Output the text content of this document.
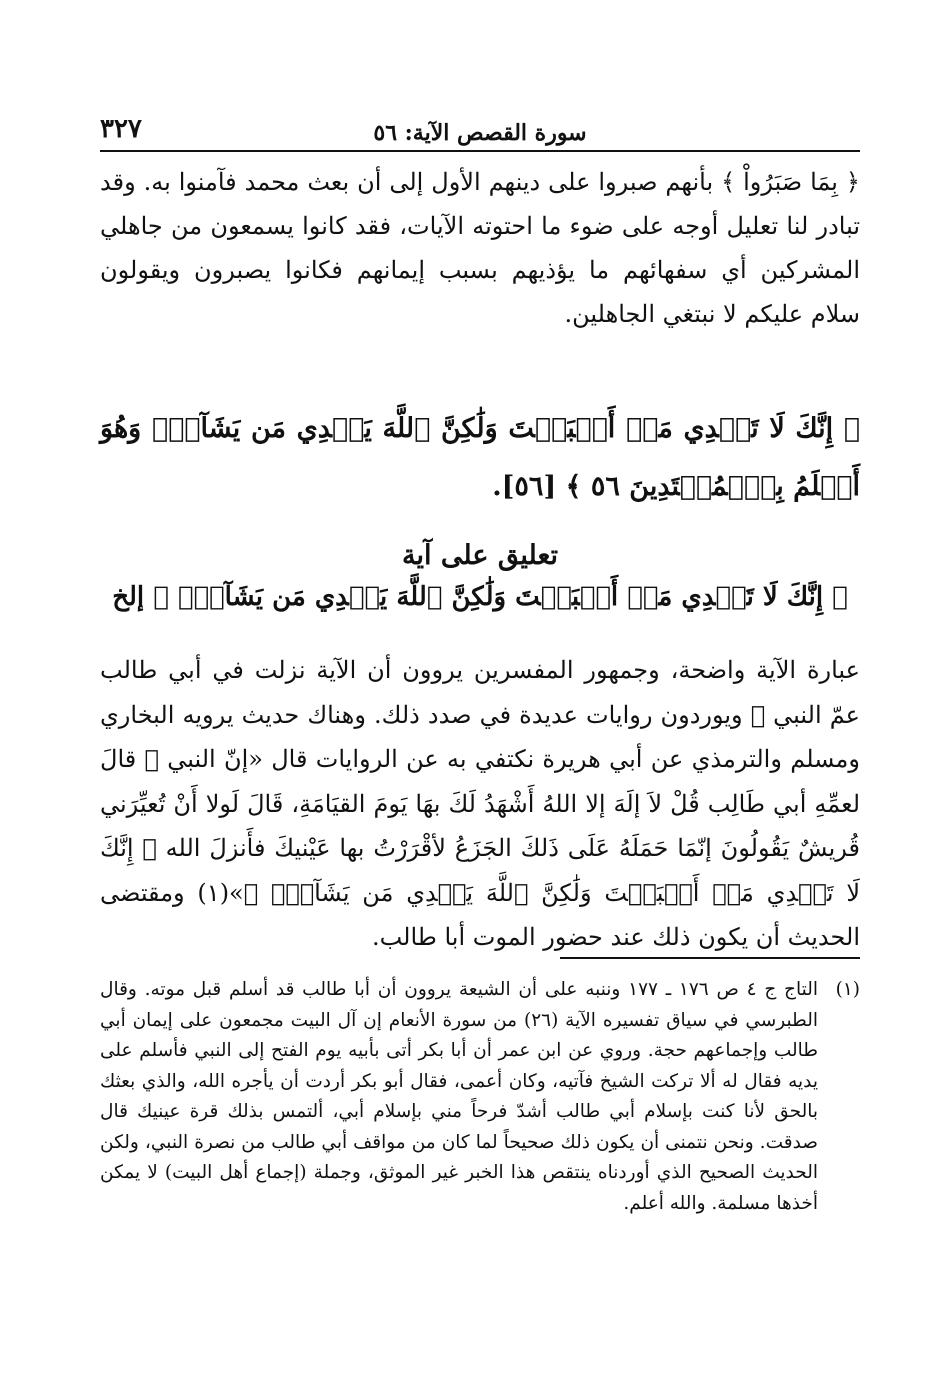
سورة القصص الآية: ٥٦
٣٢٧

﴿ بِمَا صَبَرُواْ ﴾ بأنهم صبروا على دينهم الأول إلى أن بعث محمد فآمنوا به. وقد تبادر لنا تعليل أوجه على ضوء ما احتوته الآيات، فقد كانوا يسمعون من جاهلي المشركين أي سفهائهم ما يؤذيهم بسبب إيمانهم فكانوا يصبرون ويقولون سلام عليكم لا نبتغي الجاهلين.

﴿ إِنَّكَ لَا تَهۡدِي مَنۡ أَحۡبَبۡتَ وَلَٰكِنَّ ٱللَّهَ يَهۡدِي مَن يَشَآءُۚ وَهُوَ أَعۡلَمُ بِٱلۡمُهۡتَدِينَ ٥٦ ﴾ [٥٦].

تعليق على آية
﴿ إِنَّكَ لَا تَهۡدِي مَنۡ أَحۡبَبۡتَ وَلَٰكِنَّ ٱللَّهَ يَهۡدِي مَن يَشَآءُۚ ﴾ إلخ

عبارة الآية واضحة، وجمهور المفسرين يروون أن الآية نزلت في أبي طالب عمّ النبي ﷺ ويوردون روايات عديدة في صدد ذلك. وهناك حديث يرويه البخاري ومسلم والترمذي عن أبي هريرة نكتفي به عن الروايات قال «إنّ النبي ﷺ قالَ لعمِّهِ أبي طَالِب قُلْ لاَ إلَهَ إلا اللهُ أَشْهَدُ لَكَ بهَا يَومَ القيَامَةِ، قَالَ لَولا أَنْ تُعيِّرَني قُريشٌ يَقُولُونَ إنّمَا حَمَلَهُ عَلَى ذَلكَ الجَزَعُ لأقْرَرْتُ بها عَيْنيكَ فأَنزلَ الله ﴿ إِنَّكَ لَا تَهۡدِي مَنۡ أَحۡبَبۡتَ وَلَٰكِنَّ ٱللَّهَ يَهۡدِي مَن يَشَآءُۚ ﴾»(١) ومقتضى الحديث أن يكون ذلك عند حضور الموت أبا طالب.

(١)
التاج ج ٤ ص ١٧٦ ـ ١٧٧ وننبه على أن الشيعة يروون أن أبا طالب قد أسلم قبل موته. وقال الطبرسي في سياق تفسيره الآية (٢٦) من سورة الأنعام إن آل البيت مجمعون على إيمان أبي طالب وإجماعهم حجة. وروي عن ابن عمر أن أبا بكر أتى بأبيه يوم الفتح إلى النبي فأسلم على يديه فقال له ألا تركت الشيخ فآتيه، وكان أعمى، فقال أبو بكر أردت أن يأجره الله، والذي بعثك بالحق لأنا كنت بإسلام أبي طالب أشدّ فرحاً مني بإسلام أبي، ألتمس بذلك قرة عينيك قال صدقت. ونحن نتمنى أن يكون ذلك صحيحاً لما كان من مواقف أبي طالب من نصرة النبي، ولكن الحديث الصحيح الذي أوردناه ينتقص هذا الخبر غير الموثق، وجملة (إجماع أهل البيت) لا يمكن أخذها مسلمة. والله أعلم.
